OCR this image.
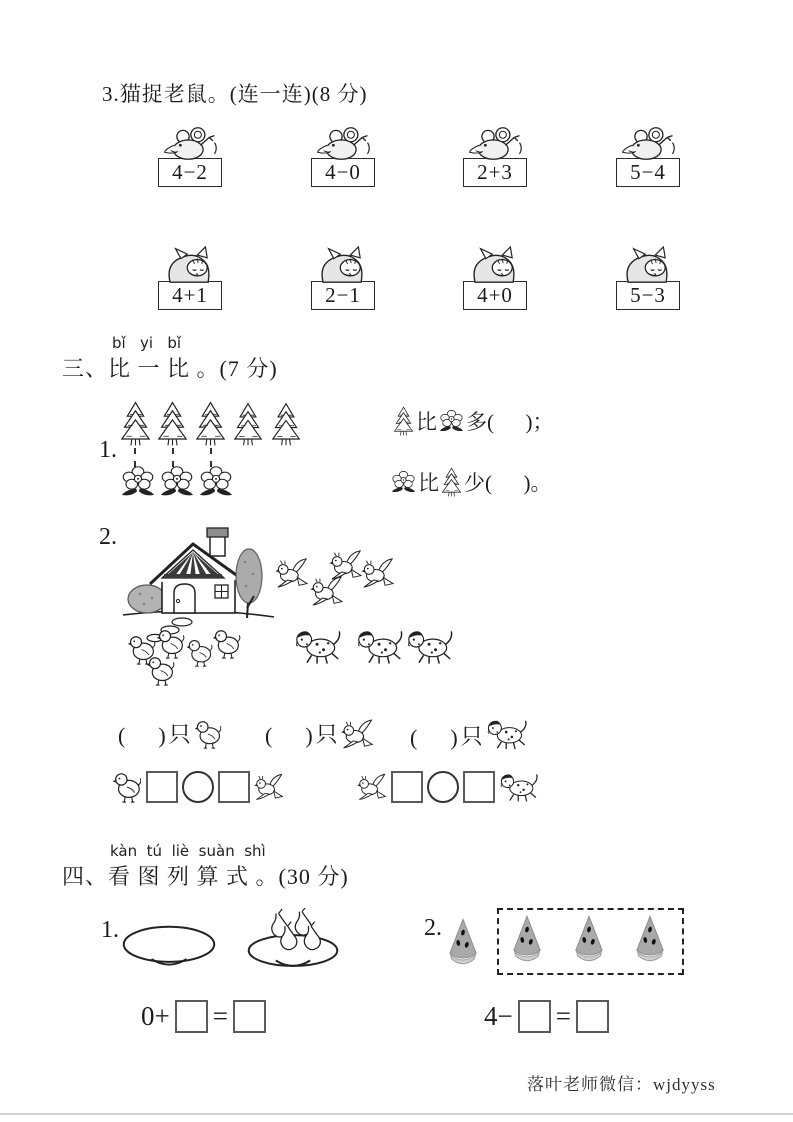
3.猫捉老鼠。(连一连)(8 分)
4−2	4−0	2+3	5−4
4+1	2−1	4+0	5−3
bǐ   yi   bǐ
三、比 一 比 。(7 分)
1.
比 多(      )；
比 少(      )。
2.
(      ) 只	(      ) 只	(      ) 只
kàn  tú  liè  suàn  shì
四、看 图 列 算 式 。(30 分)
1.	2.
0+ =	4− =
落叶老师微信：wjdyyss
